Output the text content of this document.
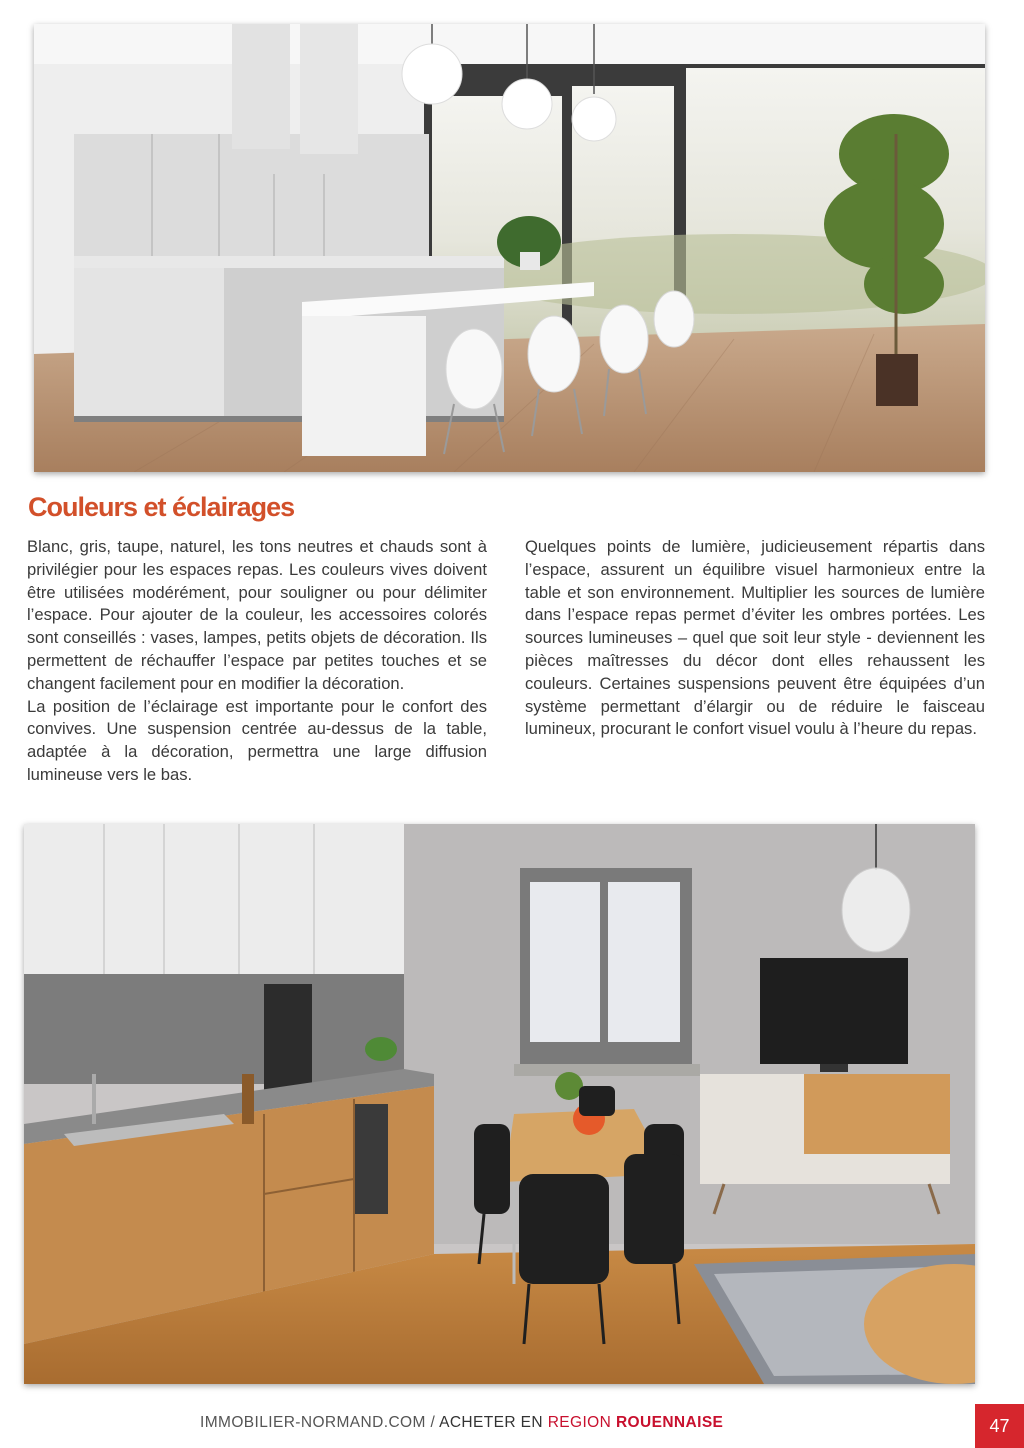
Couleurs et éclairages

Blanc, gris, taupe, naturel, les tons neutres et chauds sont à privilégier pour les espaces repas. Les couleurs vives doivent être utilisées modérément, pour souligner ou pour délimiter l’espace. Pour ajouter de la couleur, les accessoires colorés sont conseillés : vases, lampes, petits objets de décoration. Ils permettent de réchauffer l’espace par petites touches et se changent facilement pour en modifier la décoration.

La position de l’éclairage est importante pour le confort des convives. Une suspension centrée au-dessus de la table, adaptée à la décoration, permettra une large diffusion lumineuse vers le bas.

Quelques points de lumière, judicieusement répartis dans l’espace, assurent un équilibre visuel harmonieux entre la table et son environnement. Multiplier les sources de lumière dans l’espace repas permet d’éviter les ombres portées. Les sources lumineuses – quel que soit leur style - deviennent les pièces maîtresses du décor dont elles rehaussent les couleurs. Certaines suspensions peuvent être équipées d’un système permettant d’élargir ou de réduire le faisceau lumineux, procurant le confort visuel voulu à l’heure du repas.

IMMOBILIER-NORMAND.COM / ACHETER EN REGION ROUENNAISE	47
